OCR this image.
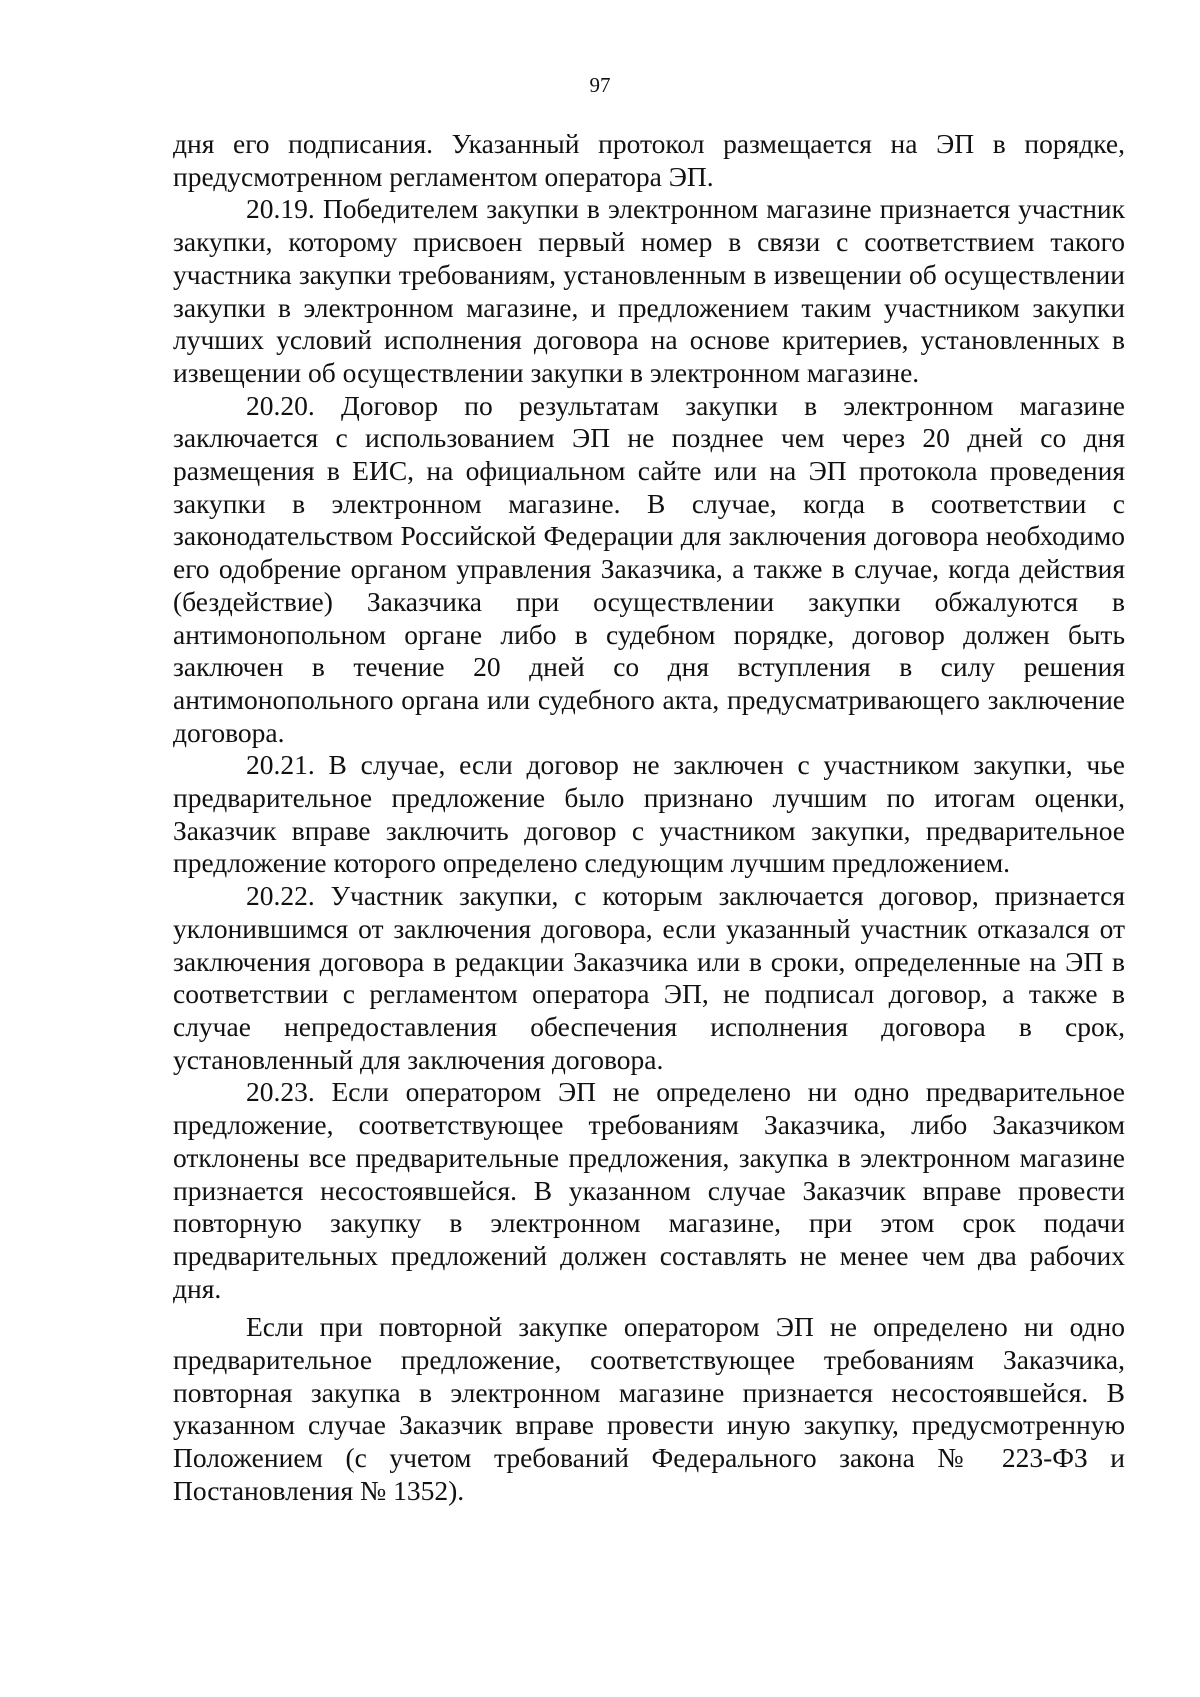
97

дня его подписания. Указанный протокол размещается на ЭП в порядке, предусмотренном регламентом оператора ЭП.

20.19. Победителем закупки в электронном магазине признается участник закупки, которому присвоен первый номер в связи с соответствием такого участника закупки требованиям, установленным в извещении об осуществлении закупки в электронном магазине, и предложением таким участником закупки лучших условий исполнения договора на основе критериев, установленных в извещении об осуществлении закупки в электронном магазине.

20.20. Договор по результатам закупки в электронном магазине заключается с использованием ЭП не позднее чем через 20 дней со дня размещения в ЕИС, на официальном сайте или на ЭП протокола проведения закупки в электронном магазине. В случае, когда в соответствии с законодательством Российской Федерации для заключения договора необходимо его одобрение органом управления Заказчика, а также в случае, когда действия (бездействие) Заказчика при осуществлении закупки обжалуются в антимонопольном органе либо в судебном порядке, договор должен быть заключен в течение 20 дней со дня вступления в силу решения антимонопольного органа или судебного акта, предусматривающего заключение договора.

20.21. В случае, если договор не заключен с участником закупки, чье предварительное предложение было признано лучшим по итогам оценки, Заказчик вправе заключить договор с участником закупки, предварительное предложение которого определено следующим лучшим предложением.

20.22. Участник закупки, с которым заключается договор, признается уклонившимся от заключения договора, если указанный участник отказался от заключения договора в редакции Заказчика или в сроки, определенные на ЭП в соответствии с регламентом оператора ЭП, не подписал договор, а также в случае непредоставления обеспечения исполнения договора в срок, установленный для заключения договора.

20.23. Если оператором ЭП не определено ни одно предварительное предложение, соответствующее требованиям Заказчика, либо Заказчиком отклонены все предварительные предложения, закупка в электронном магазине признается несостоявшейся. В указанном случае Заказчик вправе провести повторную закупку в электронном магазине, при этом срок подачи предварительных предложений должен составлять не менее чем два рабочих дня.

Если при повторной закупке оператором ЭП не определено ни одно предварительное предложение, соответствующее требованиям Заказчика, повторная закупка в электронном магазине признается несостоявшейся. В указанном случае Заказчик вправе провести иную закупку, предусмотренную Положением (с учетом требований Федерального закона № 223-ФЗ и Постановления № 1352).
